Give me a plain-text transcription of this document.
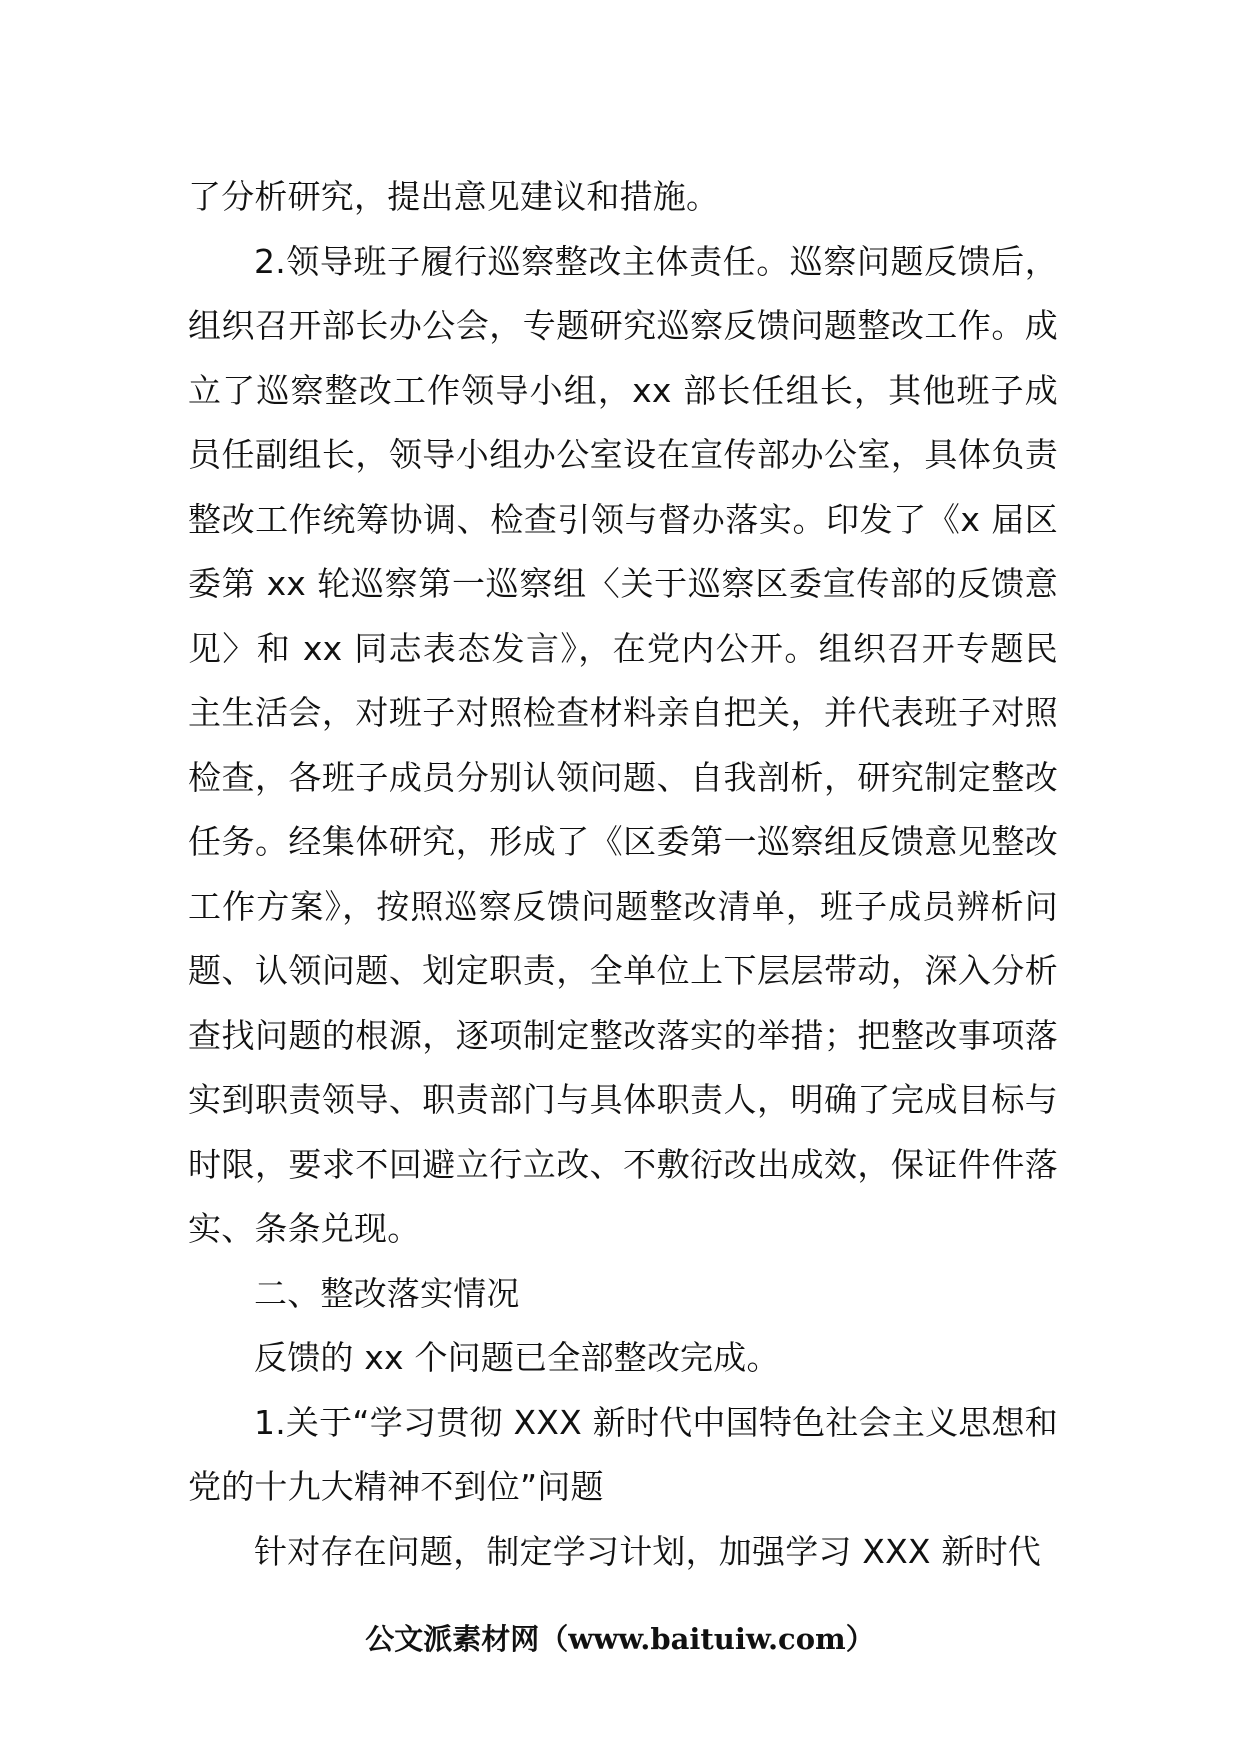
了分析研究，提出意见建议和措施。

2.领导班子履行巡察整改主体责任。巡察问题反馈后，组织召开部长办公会，专题研究巡察反馈问题整改工作。成立了巡察整改工作领导小组，xx 部长任组长，其他班子成员任副组长，领导小组办公室设在宣传部办公室，具体负责整改工作统筹协调、检查引领与督办落实。印发了《x 届区委第 xx 轮巡察第一巡察组〈关于巡察区委宣传部的反馈意见〉和 xx 同志表态发言》，在党内公开。组织召开专题民主生活会，对班子对照检查材料亲自把关，并代表班子对照检查，各班子成员分别认领问题、自我剖析，研究制定整改任务。经集体研究，形成了《区委第一巡察组反馈意见整改工作方案》，按照巡察反馈问题整改清单，班子成员辨析问题、认领问题、划定职责，全单位上下层层带动，深入分析查找问题的根源，逐项制定整改落实的举措；把整改事项落实到职责领导、职责部门与具体职责人，明确了完成目标与时限，要求不回避立行立改、不敷衍改出成效，保证件件落实、条条兑现。

二、整改落实情况

反馈的 xx 个问题已全部整改完成。

1.关于“学习贯彻 XXX 新时代中国特色社会主义思想和党的十九大精神不到位”问题

针对存在问题，制定学习计划，加强学习 XXX 新时代

公文派素材网（www.baituiw.com）
